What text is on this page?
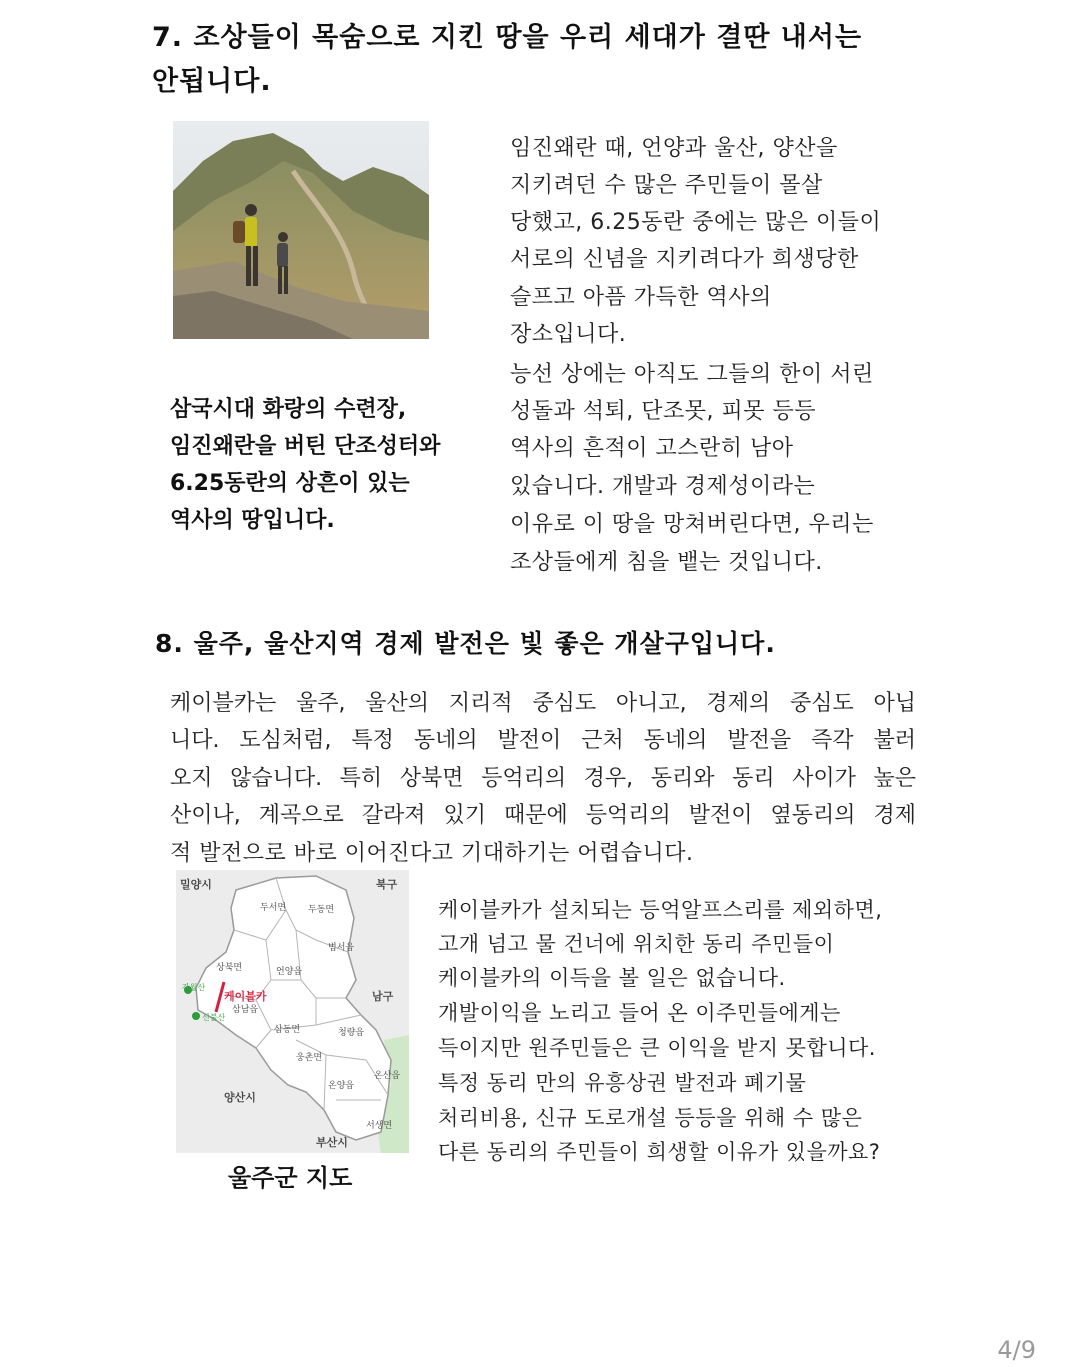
7. 조상들이 목숨으로 지킨 땅을 우리 세대가 결딴 내서는
안됩니다.
삼국시대 화랑의 수련장,
임진왜란을 버틴 단조성터와
6.25동란의 상흔이 있는
역사의 땅입니다.
임진왜란 때, 언양과 울산, 양산을
지키려던 수 많은 주민들이 몰살
당했고, 6.25동란 중에는 많은 이들이
서로의 신념을 지키려다가 희생당한
슬프고 아픔 가득한 역사의
장소입니다.
능선 상에는 아직도 그들의 한이 서린
성돌과 석퇴, 단조못, 피못 등등
역사의 흔적이 고스란히 남아
있습니다. 개발과 경제성이라는
이유로 이 땅을 망쳐버린다면, 우리는
조상들에게 침을 뱉는 것입니다.
8. 울주, 울산지역 경제 발전은 빛 좋은 개살구입니다.
케이블카는 울주, 울산의 지리적 중심도 아니고, 경제의 중심도 아닙
니다. 도심처럼, 특정 동네의 발전이 근처 동네의 발전을 즉각 불러
오지 않습니다. 특히 상북면 등억리의 경우, 동리와 동리 사이가 높은
산이나, 계곡으로 갈라져 있기 때문에 등억리의 발전이 옆동리의 경제
적 발전으로 바로 이어진다고 기대하기는 어렵습니다.
밀양시	북구
남구
양산시
부산시
케이블카
두서면 두동면
상북면	언양읍
범서읍
삼남읍
삼동면	청량읍
웅촌면
온양읍
온산읍
서생면
간월산
신불산
울주군 지도
케이블카가 설치되는 등억알프스리를 제외하면,
고개 넘고 물 건너에 위치한 동리 주민들이
케이블카의 이득을 볼 일은 없습니다.
개발이익을 노리고 들어 온 이주민들에게는
득이지만 원주민들은 큰 이익을 받지 못합니다.
특정 동리 만의 유흥상권 발전과 폐기물
처리비용, 신규 도로개설 등등을 위해 수 많은
다른 동리의 주민들이 희생할 이유가 있을까요?
4/9
